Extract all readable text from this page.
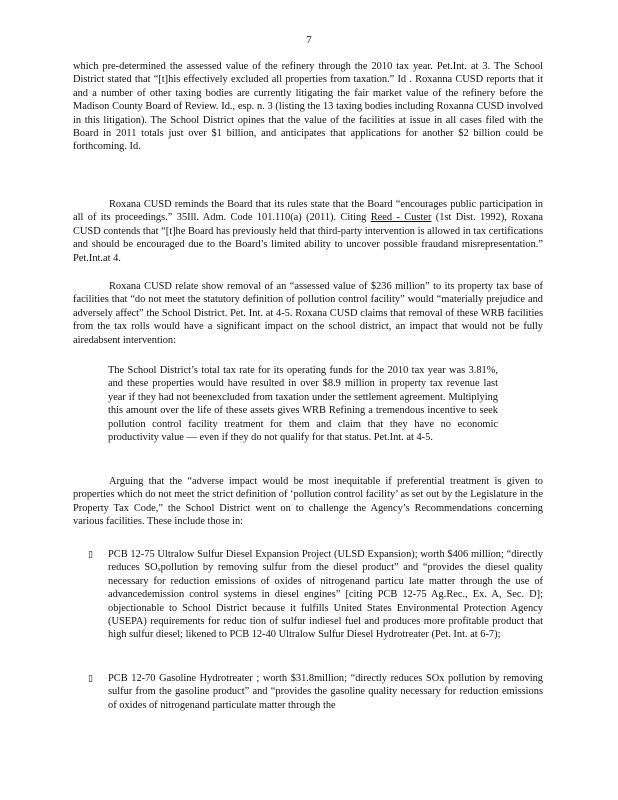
7

which pre-determined the assessed value of the refinery through the 2010 tax year. Pet.Int. at 3. The School District stated that “[t]his effectively excluded all properties from taxation.” Id . Roxanna CUSD reports that it and a number of other taxing bodies are currently litigating the fair market value of the refinery before the Madison County Board of Review. Id., esp. n. 3 (listing the 13 taxing bodies including Roxanna CUSD involved in this litigation). The School District opines that the value of the facilities at issue in all cases filed with the Board in 2011 totals just over $1 billion, and anticipates that applications for another $2 billion could be forthcoming. Id.

Roxana CUSD reminds the Board that its rules state that the Board “encourages public participation in all of its proceedings.” 35Ill. Adm. Code 101.110(a) (2011). Citing Reed - Custer (1st Dist. 1992), Roxana CUSD contends that “[t]he Board has previously held that third-party intervention is allowed in tax certifications and should be encouraged due to the Board’s limited ability to uncover possible fraudand misrepresentation.” Pet.Int.at 4.

Roxana CUSD relate show removal of an “assessed value of $236 million” to its property tax base of facilities that “do not meet the statutory definition of pollution control facility” would “materially prejudice and adversely affect” the School District. Pet. Int. at 4-5. Roxana CUSD claims that removal of these WRB facilities from the tax rolls would have a significant impact on the school district, an impact that would not be fully airedabsent intervention:

The School District’s total tax rate for its operating funds for the 2010 tax year was 3.81%, and these properties would have resulted in over $8.9 million in property tax revenue last year if they had not beenexcluded from taxation under the settlement agreement. Multiplying this amount over the life of these assets gives WRB Refining a tremendous incentive to seek pollution control facility treatment for them and claim that they have no economic productivity value — even if they do not qualify for that status. Pet.Int. at 4-5.

Arguing that the “adverse impact would be most inequitable if preferential treatment is given to properties which do not meet the strict definition of ‘pollution control facility’ as set out by the Legislature in the Property Tax Code,” the School District went on to challenge the Agency’s Recommendations concerning various facilities. These include those in:

▯ PCB 12-75 Ultralow Sulfur Diesel Expansion Project (ULSD Expansion); worth $406 million; “directly reduces SOₓpollution by removing sulfur from the diesel product” and “provides the diesel quality necessary for reduction emissions of oxides of nitrogenand particu late matter through the use of advancedemission control systems in diesel engines” [citing PCB 12-75 Ag.Rec., Ex. A, Sec. D]; objectionable to School District because it fulfills United States Environmental Protection Agency (USEPA) requirements for reduc tion of sulfur indiesel fuel and produces more profitable product that high sulfur diesel; likened to PCB 12-40 Ultralow Sulfur Diesel Hydrotreater (Pet. Int. at 6-7);
▯ PCB 12-70 Gasoline Hydrotreater ; worth $31.8million; “directly reduces SOx pollution by removing sulfur from the gasoline product” and “provides the gasoline quality necessary for reduction emissions of oxides of nitrogenand particulate matter through the
